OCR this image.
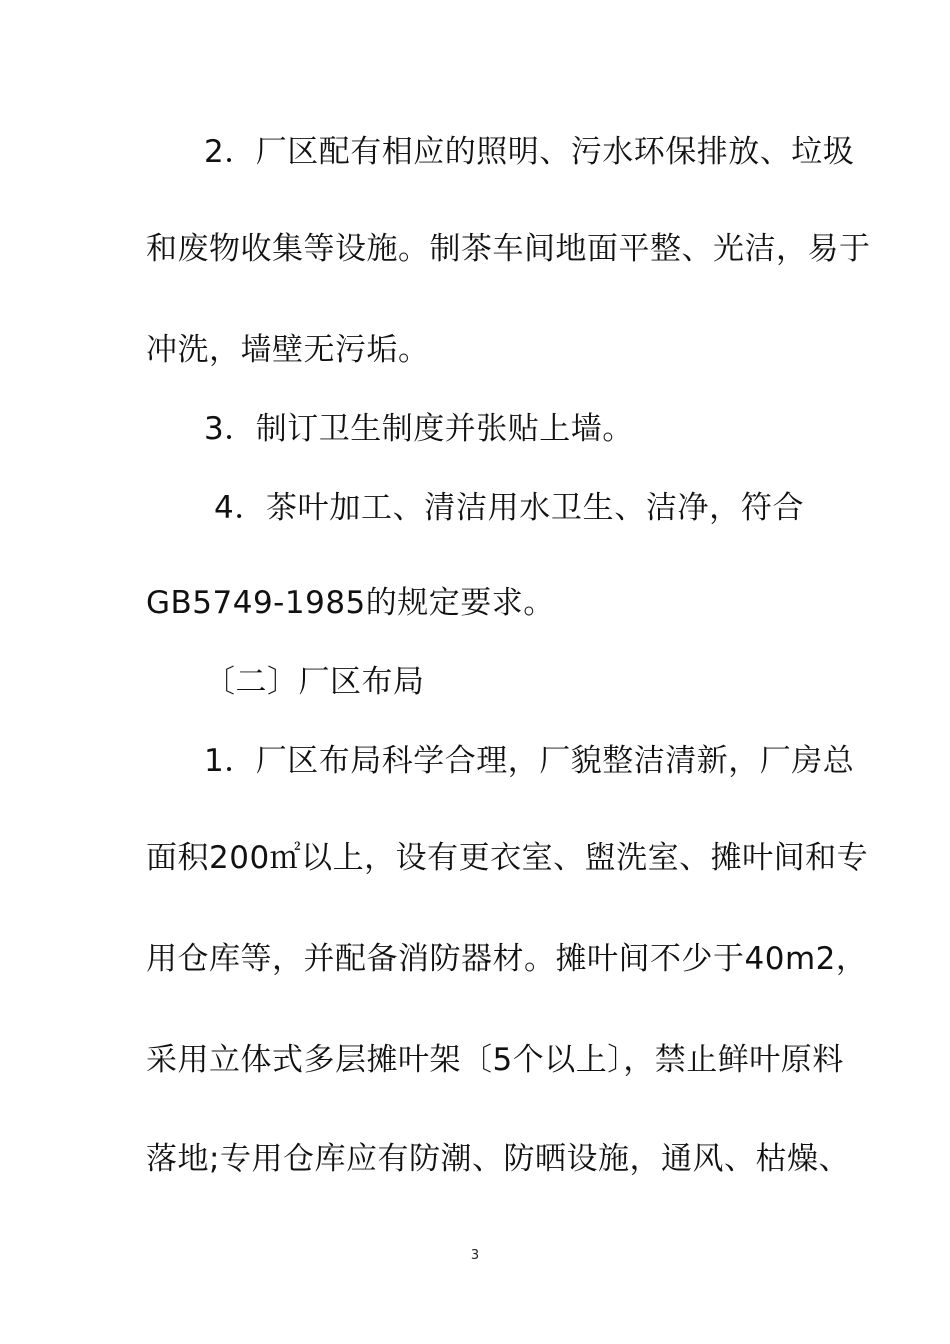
2．厂区配有相应的照明、污水环保排放、垃圾
和废物收集等设施。制茶车间地面平整、光洁，易于
冲洗，墙壁无污垢。
3．制订卫生制度并张贴上墙。
4．茶叶加工、清洁用水卫生、洁净，符合
GB5749-1985的规定要求。
〔二〕厂区布局
1．厂区布局科学合理，厂貌整洁清新，厂房总
面积200㎡以上，设有更衣室、盥洗室、摊叶间和专
用仓库等，并配备消防器材。摊叶间不少于40m2，
采用立体式多层摊叶架〔5个以上〕，禁止鲜叶原料
落地;专用仓库应有防潮、防晒设施，通风、枯燥、
3
